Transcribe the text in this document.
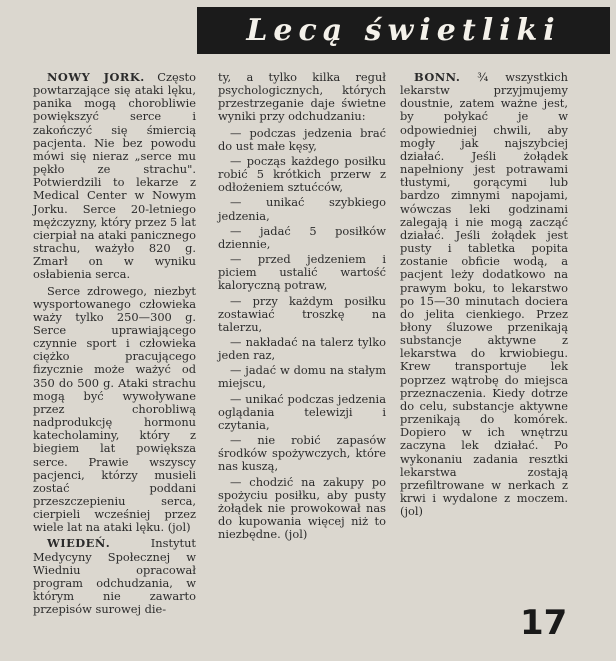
Lecą świetliki

NOWY JORK. Często powtarzające się ataki lęku, panika mogą chorobliwie powiększyć serce i zakończyć się śmiercią pacjenta. Nie bez powodu mówi się nieraz „serce mu pękło ze strachu". Potwierdzili to lekarze z Medical Center w Nowym Jorku. Serce 20-letniego mężczyzny, który przez 5 lat cierpiał na ataki panicznego strachu, ważyło 820 g. Zmarł on w wyniku osłabienia serca.

Serce zdrowego, niezbyt wysportowanego człowieka waży tylko 250—300 g. Serce uprawiającego czynnie sport i człowieka ciężko pracującego fizycznie może ważyć od 350 do 500 g. Ataki strachu mogą być wywoływane przez chorobliwą nadprodukcję hormonu katecholaminy, który z biegiem lat powiększa serce. Prawie wszyscy pacjenci, którzy musieli zostać poddani przeszczepieniu serca, cierpieli wcześniej przez wiele lat na ataki lęku. (jol)

WIEDEŃ. Instytut Medycyny Społecznej w Wiedniu opracował program odchudzania, w którym nie zawarto przepisów surowej die-

ty, a tylko kilka reguł psychologicznych, których przestrzeganie daje świetne wyniki przy odchudzaniu:

— podczas jedzenia brać do ust małe kęsy,

— począs każdego posiłku robić 5 krótkich przerw z odłożeniem sztućców,

— unikać szybkiego jedzenia,

— jadać 5 posiłków dziennie,

— przed jedzeniem i piciem ustalić wartość kaloryczną potraw,

— przy każdym posiłku zostawiać troszkę na talerzu,

— nakładać na talerz tylko jeden raz,

— jadać w domu na stałym miejscu,

— unikać podczas jedzenia oglądania telewizji i czytania,

— nie robić zapasów środków spożywczych, które nas kuszą,

— chodzić na zakupy po spożyciu posiłku, aby pusty żołądek nie prowokował nas do kupowania więcej niż to niezbędne. (jol)

BONN. ¾ wszystkich lekarstw przyjmujemy doustnie, zatem ważne jest, by połykać je w odpowiedniej chwili, aby mogły jak najszybciej działać. Jeśli żołądek napełniony jest potrawami tłustymi, gorącymi lub bardzo zimnymi napojami, wówczas leki godzinami zalegają i nie mogą zacząć działać. Jeśli żołądek jest pusty i tabletka popita zostanie obficie wodą, a pacjent leży dodatkowo na prawym boku, to lekarstwo po 15—30 minutach dociera do jelita cienkiego. Przez błony śluzowe przenikają substancje aktywne z lekarstwa do krwiobiegu. Krew transportuje lek poprzez wątrobę do miejsca przeznaczenia. Kiedy dotrze do celu, substancje aktywne przenikają do komórek. Dopiero w ich wnętrzu zaczyna lek działać. Po wykonaniu zadania resztki lekarstwa zostają przefiltrowane w nerkach z krwi i wydalone z moczem. (jol)

17
